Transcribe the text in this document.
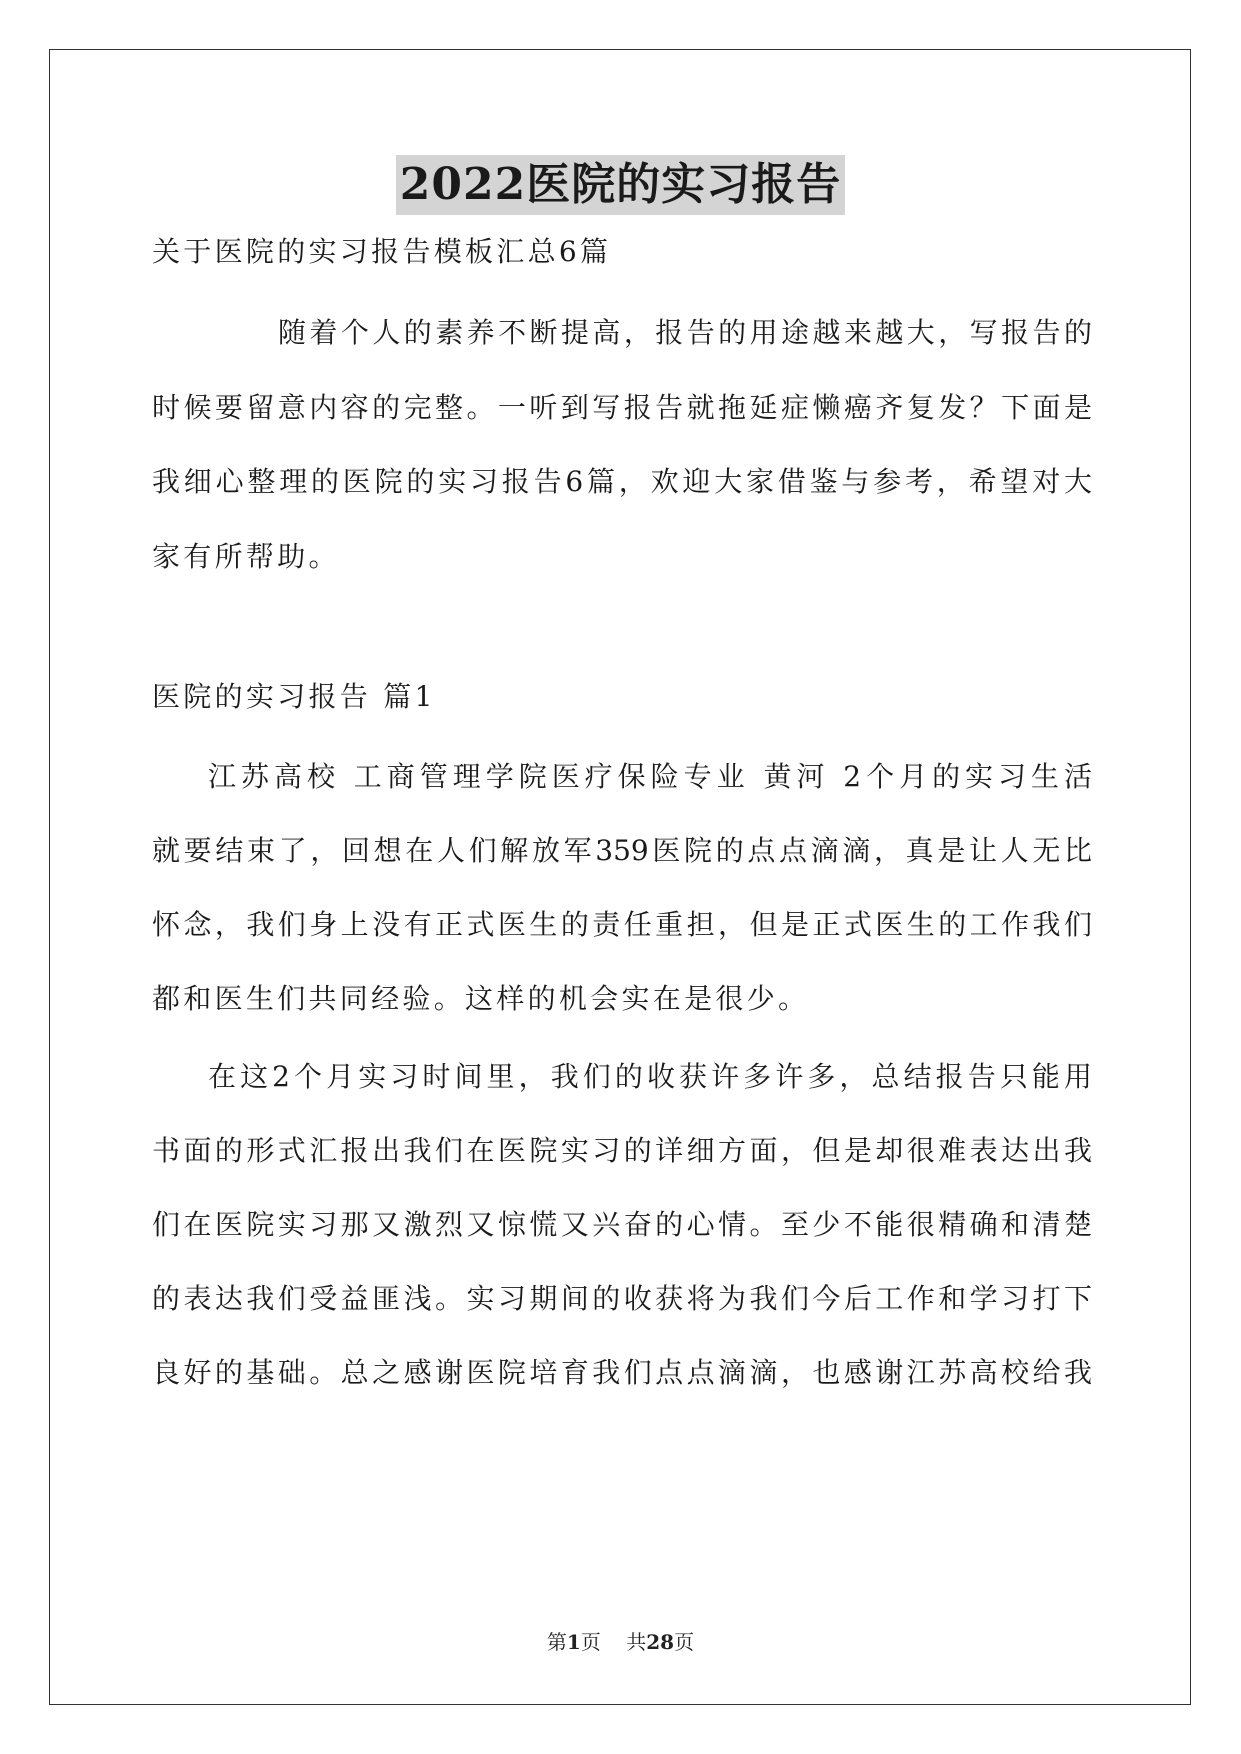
2022医院的实习报告
关于医院的实习报告模板汇总6篇
随着个人的素养不断提高，报告的用途越来越大，写报告的
时候要留意内容的完整。一听到写报告就拖延症懒癌齐复发？下面是
我细心整理的医院的实习报告6篇，欢迎大家借鉴与参考，希望对大
家有所帮助。
医院的实习报告 篇1
江苏高校 工商管理学院医疗保险专业 黄河 2个月的实习生活
就要结束了，回想在人们解放军359医院的点点滴滴，真是让人无比
怀念，我们身上没有正式医生的责任重担，但是正式医生的工作我们
都和医生们共同经验。这样的机会实在是很少。
在这2个月实习时间里，我们的收获许多许多，总结报告只能用
书面的形式汇报出我们在医院实习的详细方面，但是却很难表达出我
们在医院实习那又激烈又惊慌又兴奋的心情。至少不能很精确和清楚
的表达我们受益匪浅。实习期间的收获将为我们今后工作和学习打下
良好的基础。总之感谢医院培育我们点点滴滴，也感谢江苏高校给我
第1页 共28页
